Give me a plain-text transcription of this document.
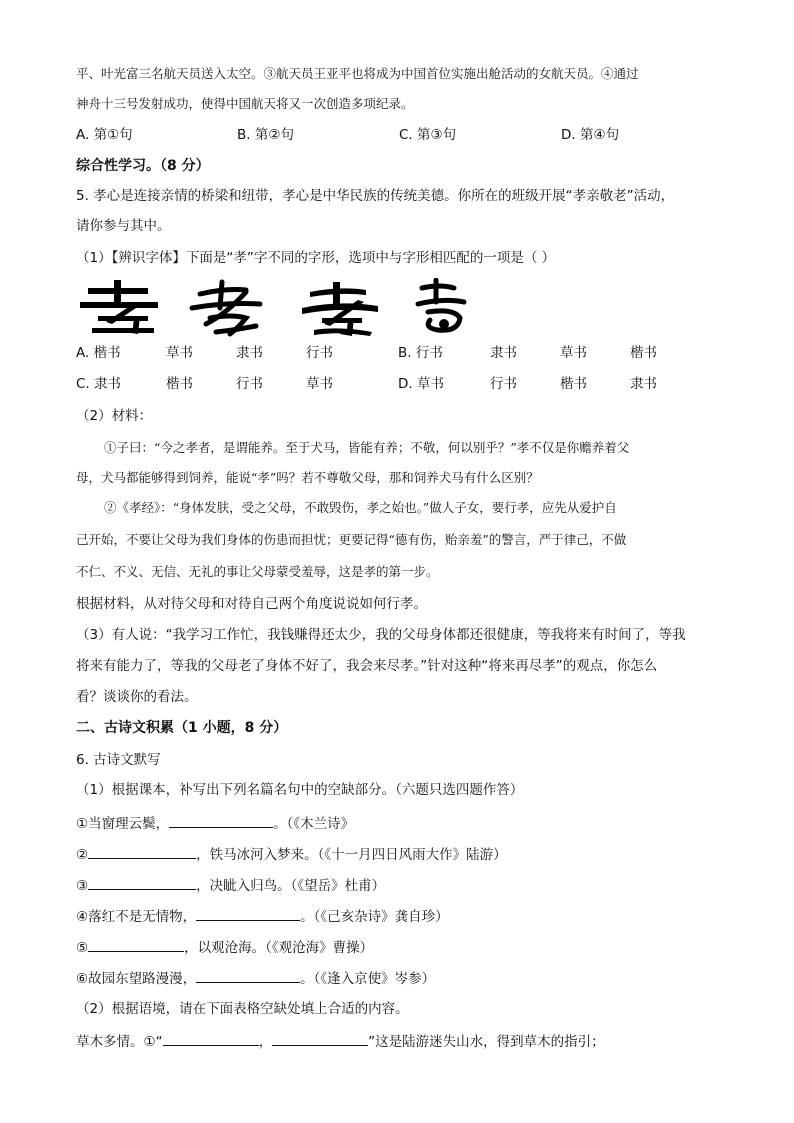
平、叶光富三名航天员送入太空。③航天员王亚平也将成为中国首位实施出舱活动的女航天员。④通过
神舟十三号发射成功，使得中国航天将又一次创造多项纪录。
A. 第①句	B. 第②句	C. 第③句	D. 第④句
综合性学习。（8 分）
5. 孝心是连接亲情的桥梁和纽带，孝心是中华民族的传统美德。你所在的班级开展“孝亲敬老”活动，
请你参与其中。
（1）【辨识字体】下面是“孝”字不同的字形，选项中与字形相匹配的一项是（ ）
A. 楷书	草书	隶书	行书	B. 行书	隶书	草书	楷书
C. 隶书	楷书	行书	草书	D. 草书	行书	楷书	隶书
（2）材料：
①子曰：“今之孝者，是谓能养。至于犬马，皆能有养；不敬，何以别乎？”孝不仅是你赡养着父
母，犬马都能够得到饲养，能说“孝”吗？若不尊敬父母，那和饲养犬马有什么区别？
②《孝经》：“身体发肤，受之父母，不敢毁伤，孝之始也。”做人子女，要行孝，应先从爱护自
己开始，不要让父母为我们身体的伤患而担忧；更要记得“德有伤，贻亲羞”的警言，严于律己，不做
不仁、不义、无信、无礼的事让父母蒙受羞辱，这是孝的第一步。
根据材料，从对待父母和对待自己两个角度说说如何行孝。
（3）有人说：“我学习工作忙，我钱赚得还太少，我的父母身体都还很健康，等我将来有时间了，等我
将来有能力了，等我的父母老了身体不好了，我会来尽孝。”针对这种“将来再尽孝”的观点，你怎么
看？谈谈你的看法。
二、古诗文积累（1 小题，8 分）
6. 古诗文默写
（1）根据课本，补写出下列名篇名句中的空缺部分。（六题只选四题作答）
①当窗理云鬓，	。（《木兰诗》
②	，铁马冰河入梦来。（《十一月四日风雨大作》陆游）
③	，决眦入归鸟。（《望岳》杜甫）
④落红不是无情物，	。（《己亥杂诗》龚自珍）
⑤	，以观沧海。（《观沧海》曹操）
⑥故园东望路漫漫，	。（《逢入京使》岑参）
（2）根据语境，请在下面表格空缺处填上合适的内容。
草木多情。①“	，	”这是陆游迷失山水，得到草木的指引；
